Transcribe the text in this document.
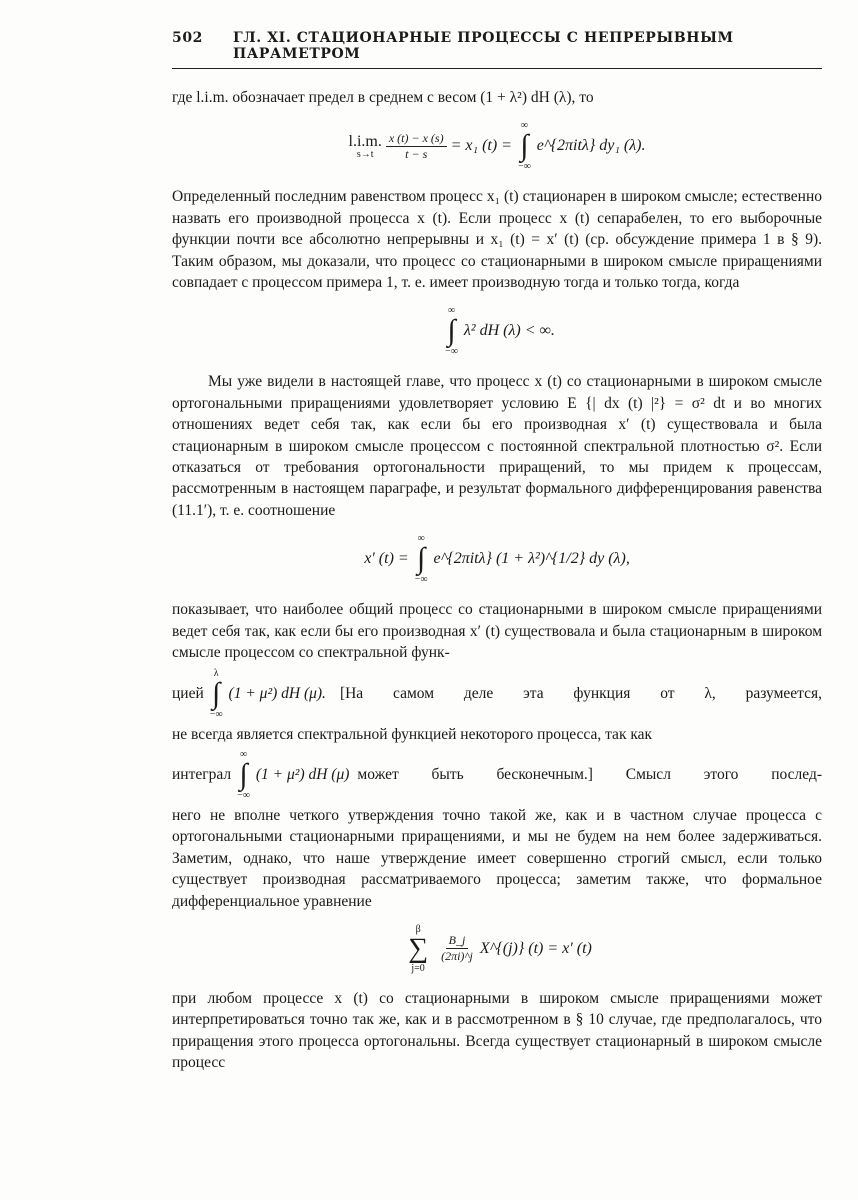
502 ГЛ. XI. СТАЦИОНАРНЫЕ ПРОЦЕССЫ С НЕПРЕРЫВНЫМ ПАРАМЕТРОМ

где l.i.m. обозначает предел в среднем с весом (1 + λ²) dH (λ), то

l.i.m.
$s\to t \frac{x (t) - x (s)}{t - s} = x_1$ (t) =
∞
∫
−∞
e^{2πitλ} dy₁ (λ).

Определенный последним равенством процесс x₁ (t) стационарен в широком смысле; естественно назвать его производной процесса x (t). Если процесс x (t) сепарабелен, то его выборочные функции почти все абсолютно непрерывны и x₁ (t) = x′ (t) (ср. обсуждение примера 1 в § 9). Таким образом, мы доказали, что процесс со стационарными в широком смысле приращениями совпадает с процессом примера 1, т. е. имеет производную тогда и только тогда, когда

∞
∫
−∞
λ² dH (λ) < ∞.

Мы уже видели в настоящей главе, что процесс x (t) со стационарными в широком смысле ортогональными приращениями удовлетворяет условию E {| dx (t) |²} = σ² dt и во многих отношениях ведет себя так, как если бы его производная x′ (t) существовала и была стационарным в широком смысле процессом с постоянной спектральной плотностью σ². Если отказаться от требования ортогональности приращений, то мы придем к процессам, рассмотренным в настоящем параграфе, и результат формального дифференцирования равенства (11.1′), т. е. соотношение

x′ (t) =
∞
∫
−∞
e^{2πitλ} (1 + λ²)^{1/2} dy (λ),

показывает, что наиболее общий процесс со стационарными в широком смысле приращениями ведет себя так, как если бы его производная x′ (t) существовала и была стационарным в широком смысле процессом со спектральной функ-

цией
λ
∫
−∞
(1 + μ²) dH (μ). [На самом деле эта функция от λ, разумеется,

не всегда является спектральной функцией некоторого процесса, так как

интеграл
∞
∫
−∞
(1 + μ²) dH (μ) может быть бесконечным.] Смысл этого послед-

него не вполне четкого утверждения точно такой же, как и в частном случае процесса с ортогональными стационарными приращениями, и мы не будем на нем более задерживаться. Заметим, однако, что наше утверждение имеет совершенно строгий смысл, если только существует производная рассматриваемого процесса; заметим также, что формальное дифференциальное уравнение

β
∑
j=0
$\frac{B\_j}{(2\pi i)\^{}j}$ X^{(j)} (t) = x′ (t)

при любом процессе x (t) со стационарными в широком смысле приращениями может интерпретироваться точно так же, как и в рассмотренном в § 10 случае, где предполагалось, что приращения этого процесса ортогональны. Всегда существует стационарный в широком смысле процесс
